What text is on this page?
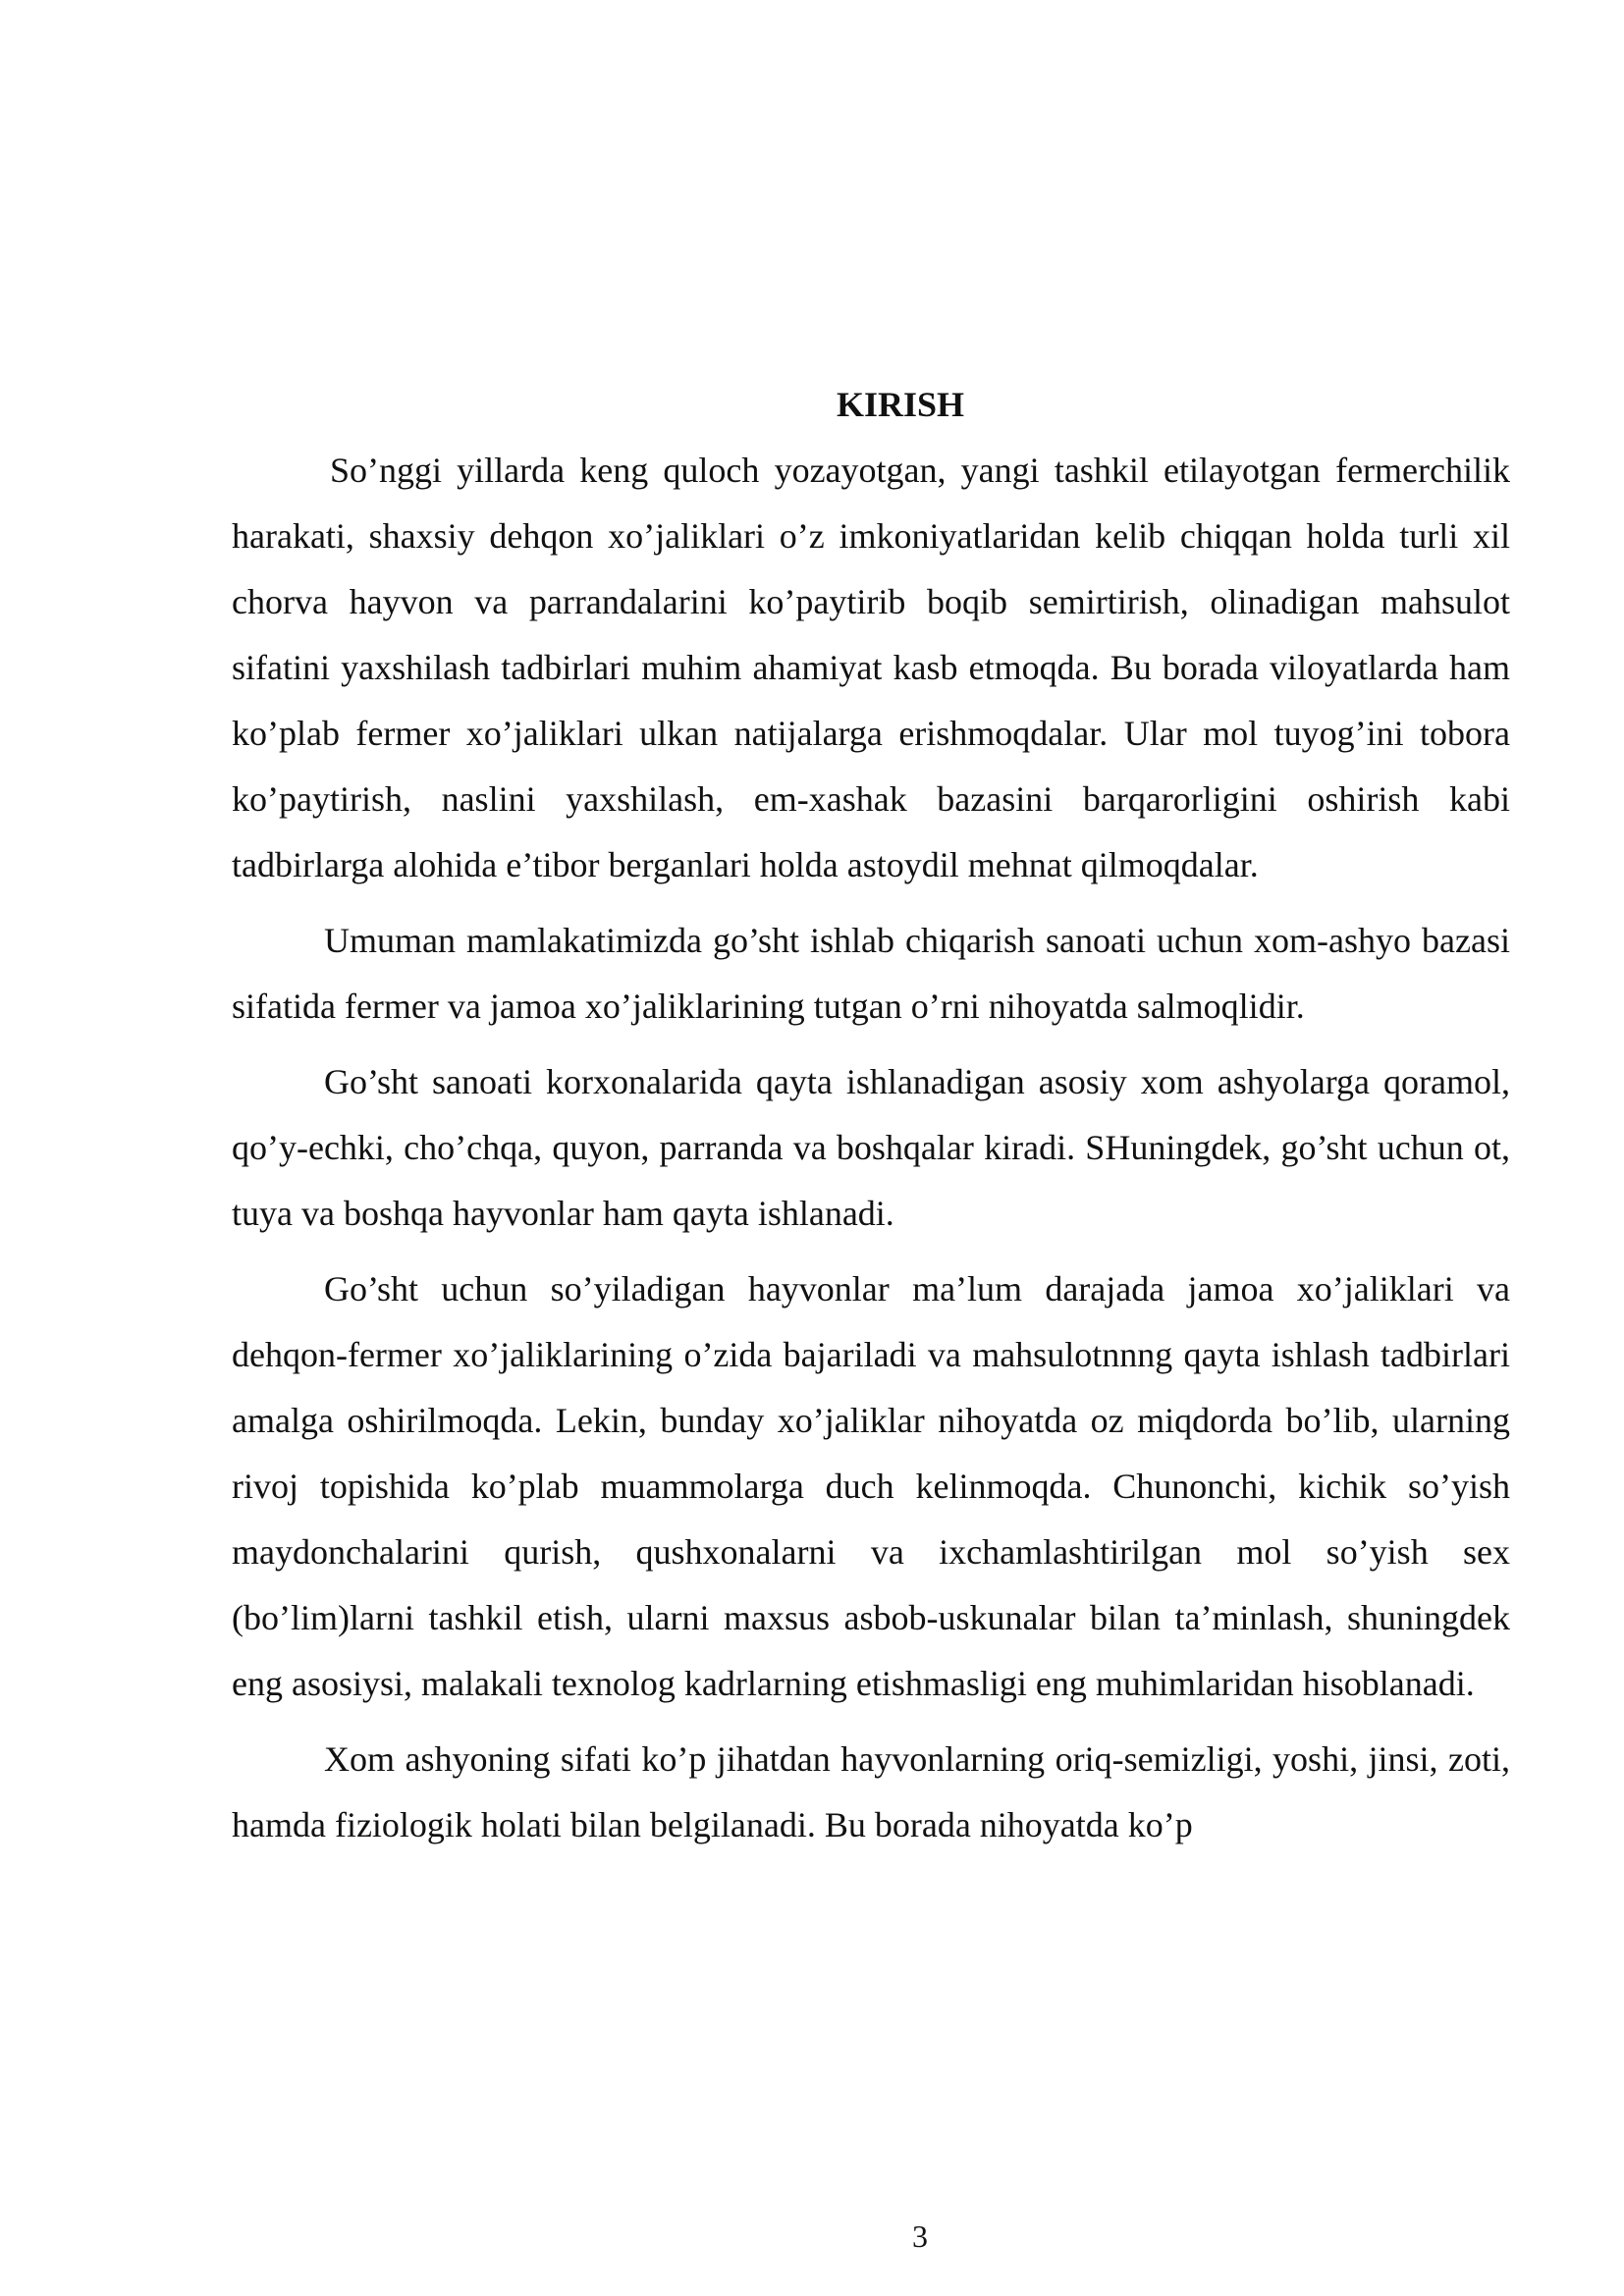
KIRISH

So’nggi yillarda keng quloch yozayotgan, yangi tashkil etilayotgan fermerchilik harakati, shaxsiy dehqon xo’jaliklari o’z imkoniyatlaridan kelib chiqqan holda turli xil chorva hayvon va parrandalarini ko’paytirib boqib semirtirish, olinadigan mahsulot sifatini yaxshilash tadbirlari muhim ahamiyat kasb etmoqda. Bu borada viloyatlarda ham ko’plab fermer xo’jaliklari ulkan natijalarga erishmoqdalar. Ular mol tuyog’ini tobora ko’paytirish, naslini yaxshilash, em-xashak bazasini barqarorligini oshirish kabi tadbirlarga alohida e’tibor berganlari holda astoydil mehnat qilmoqdalar.

Umuman mamlakatimizda go’sht ishlab chiqarish sanoati uchun xom-ashyo bazasi sifatida fermer va jamoa xo’jaliklarining tutgan o’rni nihoyatda salmoqlidir.

Go’sht sanoati korxonalarida qayta ishlanadigan asosiy xom ashyolarga qoramol, qo’y-echki, cho’chqa, quyon, parranda va boshqalar kiradi. SHuningdek, go’sht uchun ot, tuya va boshqa hayvonlar ham qayta ishlanadi.

Go’sht uchun so’yiladigan hayvonlar ma’lum darajada jamoa xo’jaliklari va dehqon-fermer xo’jaliklarining o’zida bajariladi va mahsulotnnng qayta ishlash tadbirlari amalga oshirilmoqda. Lekin, bunday xo’jaliklar nihoyatda oz miqdorda bo’lib, ularning rivoj topishida ko’plab muammolarga duch kelinmoqda. Chunonchi, kichik so’yish maydonchalarini qurish, qushxonalarni va ixchamlashtirilgan mol so’yish sex (bo’lim)larni tashkil etish, ularni maxsus asbob-uskunalar bilan ta’minlash, shuningdek eng asosiysi, malakali texnolog kadrlarning etishmasligi eng muhimlaridan hisoblanadi.

Xom ashyoning sifati ko’p jihatdan hayvonlarning oriq-semizligi, yoshi, jinsi, zoti, hamda fiziologik holati bilan belgilanadi. Bu borada nihoyatda ko’p

3
